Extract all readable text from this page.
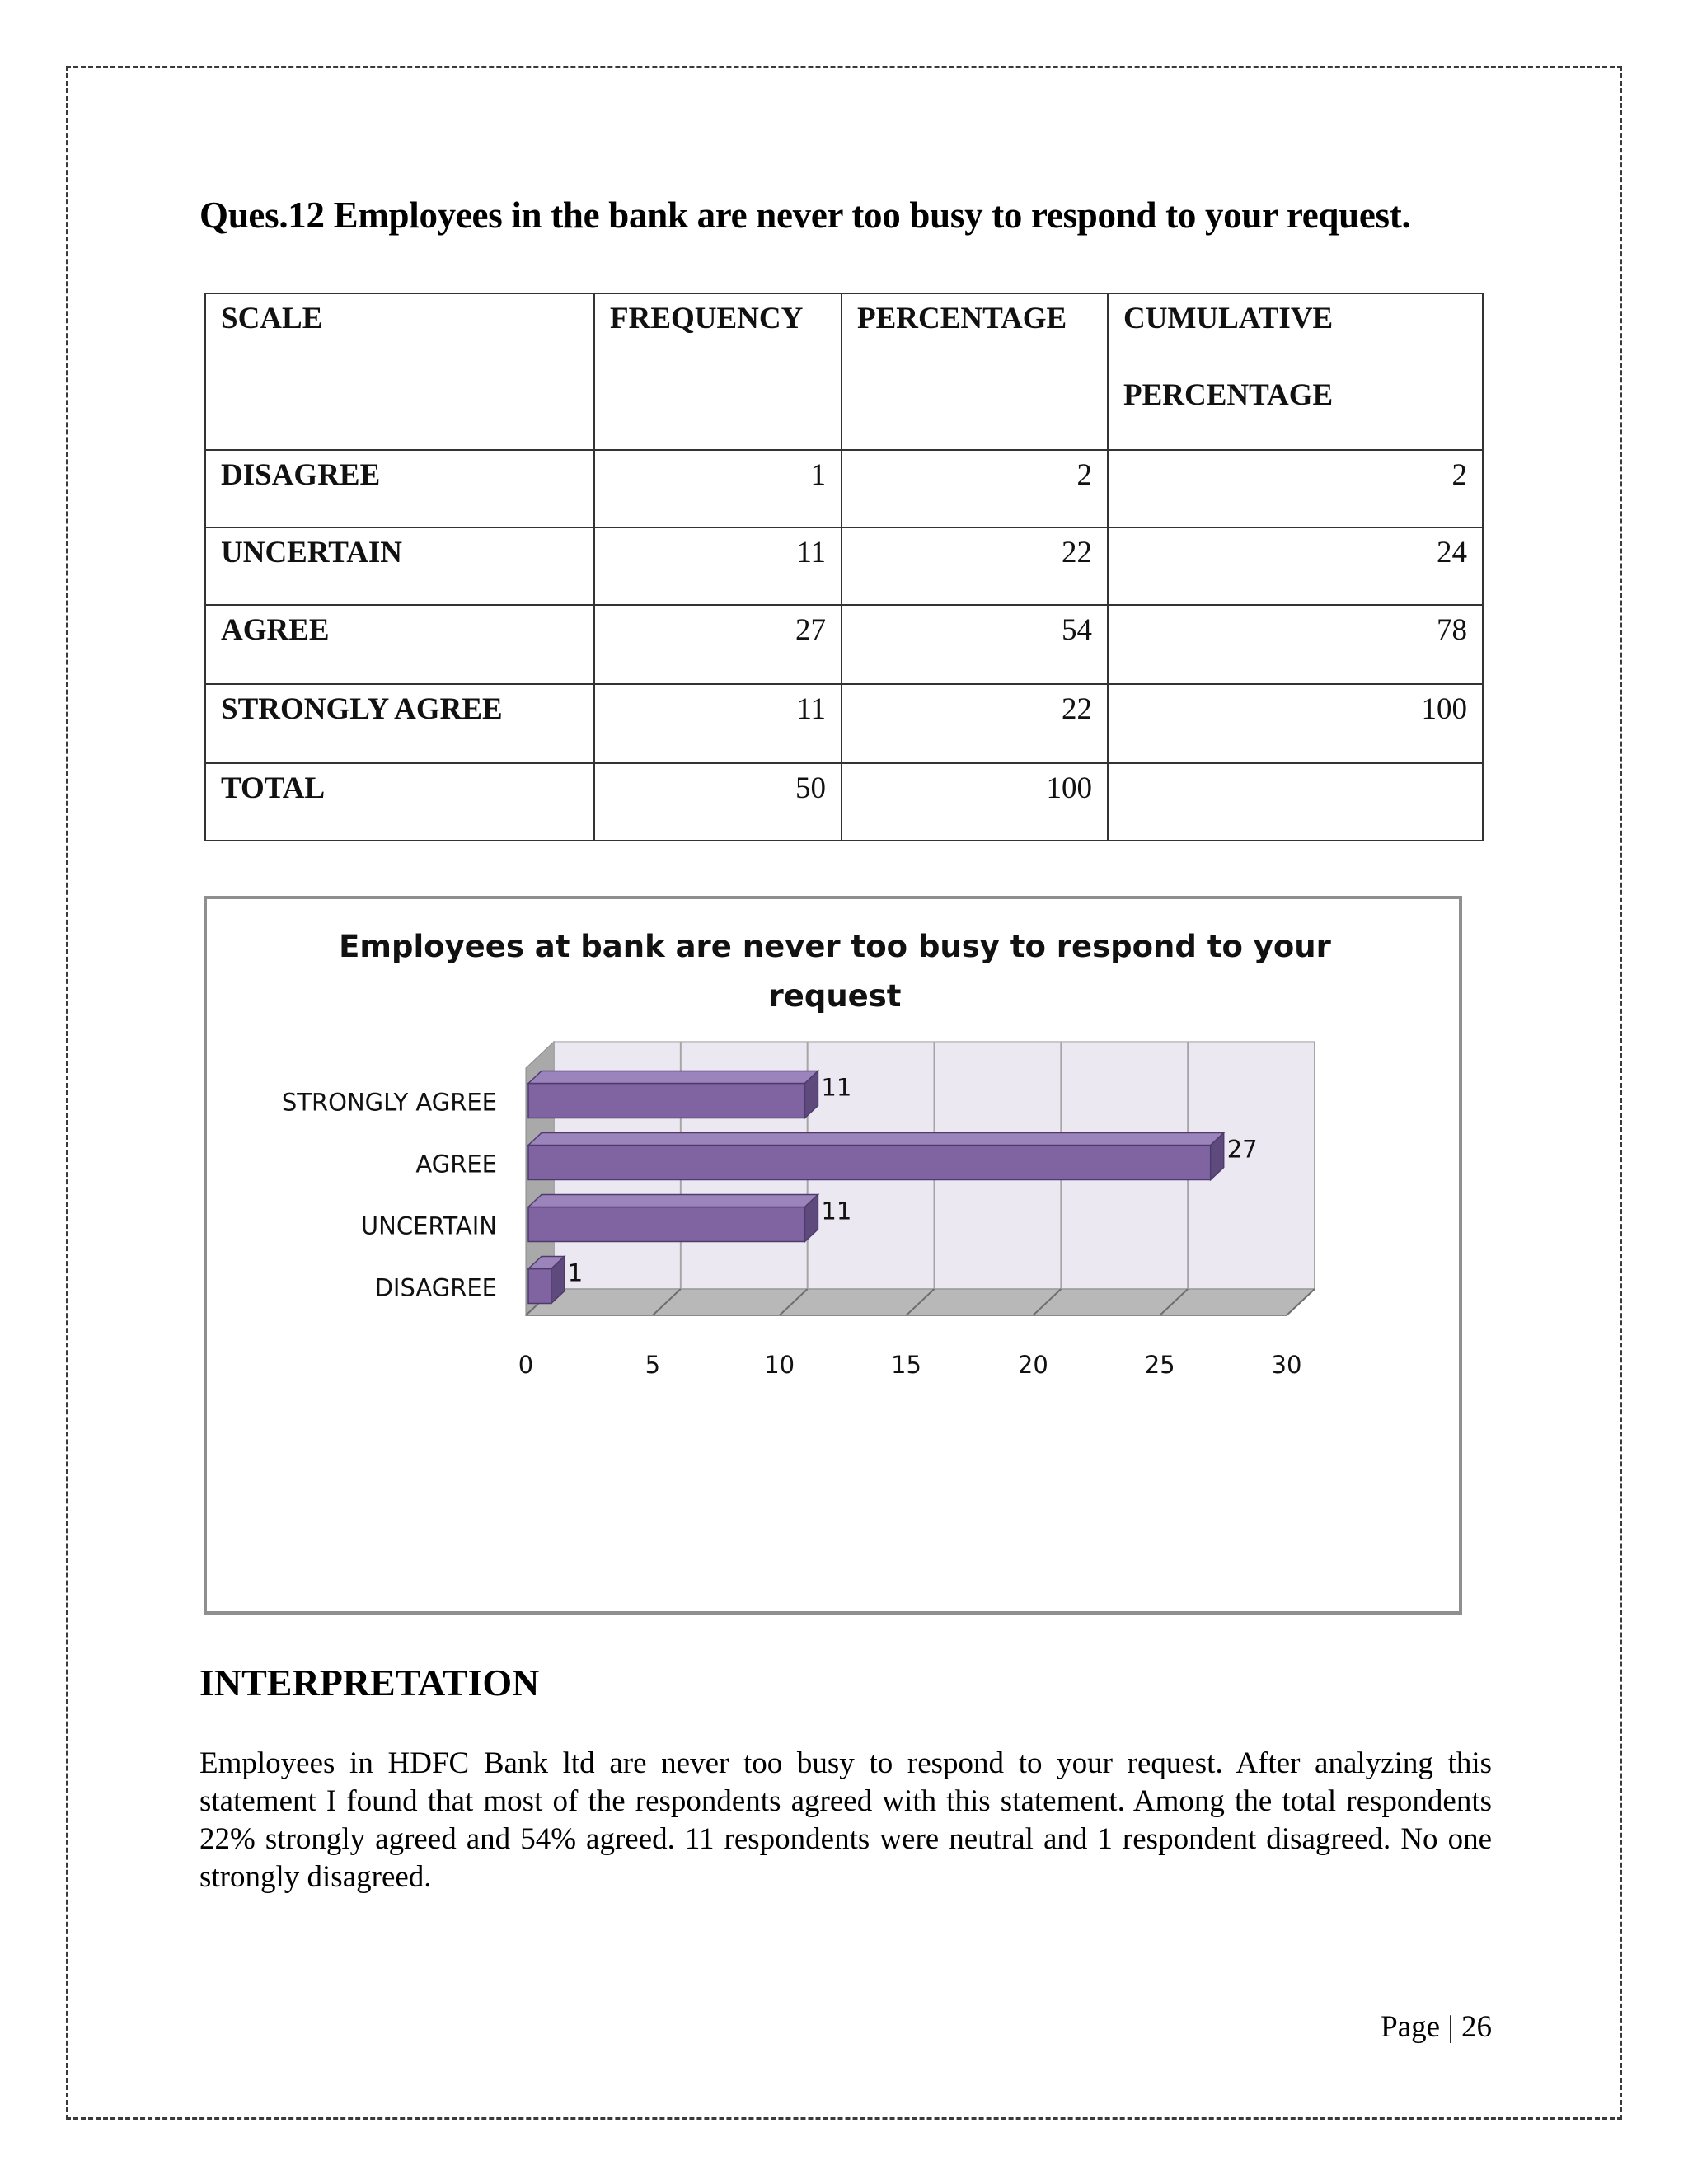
Ques.12 Employees in the bank are never too busy to respond to your request.
SCALE	FREQUENCY	PERCENTAGE	CUMULATIVE
PERCENTAGE

DISAGREE	1	2	2
UNCERTAIN	11	22	24
AGREE	27	54	78
STRONGLY AGREE	11	22	100
TOTAL	50	100	
Employees at bank are never too busy to respond to your
request
0	5	10	15	20	25	30
11
STRONGLY AGREE
27
AGREE
11
UNCERTAIN
1
DISAGREE
INTERPRETATION
Employees in HDFC Bank ltd are never too busy to respond to your request. After analyzing this statement I found that most of the respondents agreed with this statement. Among the total respondents 22% strongly agreed and 54% agreed. 11 respondents were neutral and 1 respondent disagreed. No one strongly disagreed.
Page | 26
